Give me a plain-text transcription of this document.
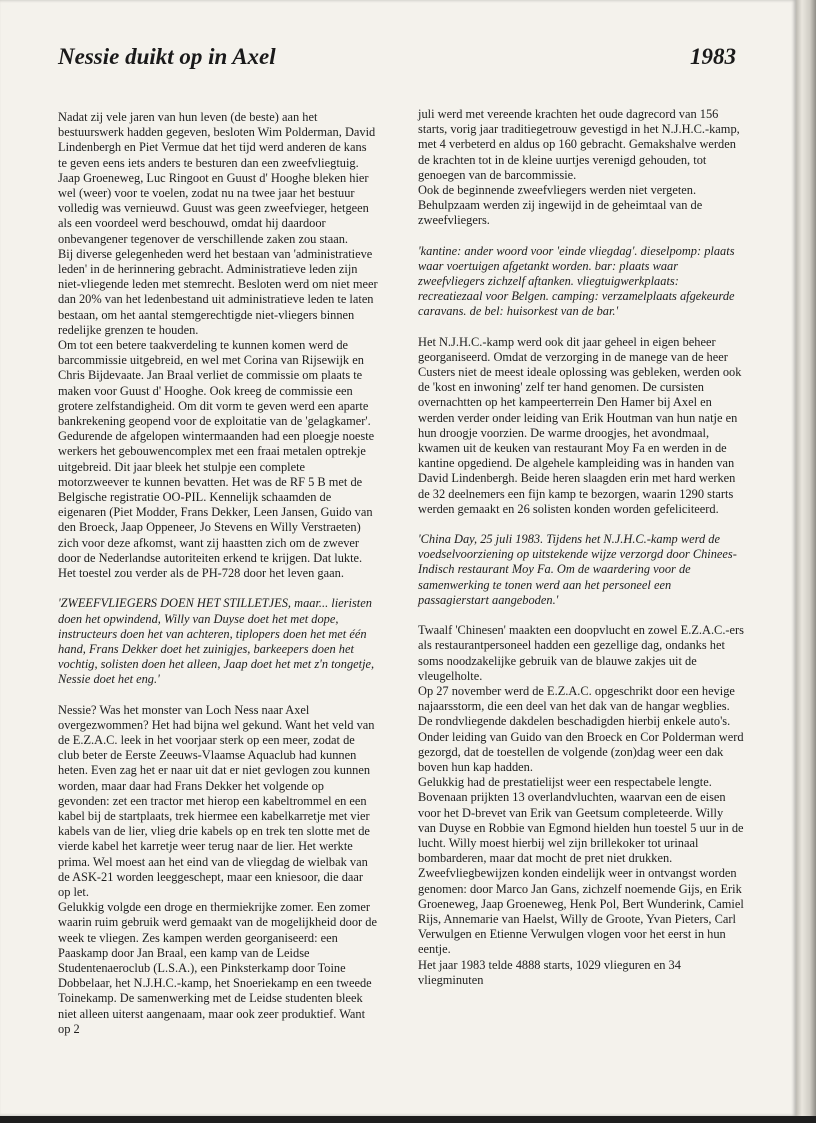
Nessie duikt op in Axel	1983

Nadat zij vele jaren van hun leven (de beste) aan het bestuurswerk hadden gegeven, besloten Wim Polderman, David Lindenbergh en Piet Vermue dat het tijd werd anderen de kans te geven eens iets anders te besturen dan een zweefvliegtuig. Jaap Groeneweg, Luc Ringoot en Guust d' Hooghe bleken hier wel (weer) voor te voelen, zodat nu na twee jaar het bestuur volledig was vernieuwd. Guust was geen zweefvieger, hetgeen als een voordeel werd beschouwd, omdat hij daardoor onbevangener tegenover de verschillende zaken zou staan.

Bij diverse gelegenheden werd het bestaan van 'administratieve leden' in de herinnering gebracht. Administratieve leden zijn niet-vliegende leden met stemrecht. Besloten werd om niet meer dan 20% van het ledenbestand uit administratieve leden te laten bestaan, om het aantal stemgerechtigde niet-vliegers binnen redelijke grenzen te houden.

Om tot een betere taakverdeling te kunnen komen werd de barcommissie uitgebreid, en wel met Corina van Rijsewijk en Chris Bijdevaate. Jan Braal verliet de commissie om plaats te maken voor Guust d' Hooghe. Ook kreeg de commissie een grotere zelfstandigheid. Om dit vorm te geven werd een aparte bankrekening geopend voor de exploitatie van de 'gelagkamer'.

Gedurende de afgelopen wintermaanden had een ploegje noeste werkers het gebouwencomplex met een fraai metalen optrekje uitgebreid. Dit jaar bleek het stulpje een complete motorzweever te kunnen bevatten. Het was de RF 5 B met de Belgische registratie OO-PIL. Kennelijk schaamden de eigenaren (Piet Modder, Frans Dekker, Leen Jansen, Guido van den Broeck, Jaap Oppeneer, Jo Stevens en Willy Verstraeten) zich voor deze afkomst, want zij haastten zich om de zwever door de Nederlandse autoriteiten erkend te krijgen. Dat lukte. Het toestel zou verder als de PH-728 door het leven gaan.

'ZWEEFVLIEGERS DOEN HET STILLETJES, maar... lieristen doen het opwindend, Willy van Duyse doet het met dope, instructeurs doen het van achteren, tiplopers doen het met één hand, Frans Dekker doet het zuinigjes, barkeepers doen het vochtig, solisten doen het alleen, Jaap doet het met z'n tongetje, Nessie doet het eng.'

Nessie? Was het monster van Loch Ness naar Axel overgezwommen? Het had bijna wel gekund. Want het veld van de E.Z.A.C. leek in het voorjaar sterk op een meer, zodat de club beter de Eerste Zeeuws-Vlaamse Aquaclub had kunnen heten. Even zag het er naar uit dat er niet gevlogen zou kunnen worden, maar daar had Frans Dekker het volgende op gevonden: zet een tractor met hierop een kabeltrommel en een kabel bij de startplaats, trek hiermee een kabelkarretje met vier kabels van de lier, vlieg drie kabels op en trek ten slotte met de vierde kabel het karretje weer terug naar de lier. Het werkte prima. Wel moest aan het eind van de vliegdag de wielbak van de ASK-21 worden leeggeschept, maar een kniesoor, die daar op let.

Gelukkig volgde een droge en thermiekrijke zomer. Een zomer waarin ruim gebruik werd gemaakt van de mogelijkheid door de week te vliegen. Zes kampen werden georganiseerd: een Paaskamp door Jan Braal, een kamp van de Leidse Studentenaeroclub (L.S.A.), een Pinksterkamp door Toine Dobbelaar, het N.J.H.C.-kamp, het Snoeriekamp en een tweede Toinekamp. De samenwerking met de Leidse studenten bleek niet alleen uiterst aangenaam, maar ook zeer produktief. Want op 2

juli werd met vereende krachten het oude dagrecord van 156 starts, vorig jaar traditiegetrouw gevestigd in het N.J.H.C.-kamp, met 4 verbeterd en aldus op 160 gebracht. Gemakshalve werden de krachten tot in de kleine uurtjes verenigd gehouden, tot genoegen van de barcommissie.

Ook de beginnende zweefvliegers werden niet vergeten. Behulpzaam werden zij ingewijd in de geheimtaal van de zweefvliegers.

'kantine: ander woord voor 'einde vliegdag'. dieselpomp: plaats waar voertuigen afgetankt worden. bar: plaats waar zweefvliegers zichzelf aftanken. vliegtuigwerkplaats: recreatiezaal voor Belgen. camping: verzamelplaats afgekeurde caravans. de bel: huisorkest van de bar.'

Het N.J.H.C.-kamp werd ook dit jaar geheel in eigen beheer georganiseerd. Omdat de verzorging in de manege van de heer Custers niet de meest ideale oplossing was gebleken, werden ook de 'kost en inwoning' zelf ter hand genomen. De cursisten overnachtten op het kampeerterrein Den Hamer bij Axel en werden verder onder leiding van Erik Houtman van hun natje en hun droogje voorzien. De warme droogjes, het avondmaal, kwamen uit de keuken van restaurant Moy Fa en werden in de kantine opgediend. De algehele kampleiding was in handen van David Lindenbergh. Beide heren slaagden erin met hard werken de 32 deelnemers een fijn kamp te bezorgen, waarin 1290 starts werden gemaakt en 26 solisten konden worden gefeliciteerd.

'China Day, 25 juli 1983. Tijdens het N.J.H.C.-kamp werd de voedselvoorziening op uitstekende wijze verzorgd door Chinees-Indisch restaurant Moy Fa. Om de waardering voor de samenwerking te tonen werd aan het personeel een passagierstart aangeboden.'

Twaalf 'Chinesen' maakten een doopvlucht en zowel E.Z.A.C.-ers als restaurantpersoneel hadden een gezellige dag, ondanks het soms noodzakelijke gebruik van de blauwe zakjes uit de vleugelholte.

Op 27 november werd de E.Z.A.C. opgeschrikt door een hevige najaarsstorm, die een deel van het dak van de hangar wegblies. De rondvliegende dakdelen beschadigden hierbij enkele auto's. Onder leiding van Guido van den Broeck en Cor Polderman werd gezorgd, dat de toestellen de volgende (zon)dag weer een dak boven hun kap hadden.

Gelukkig had de prestatielijst weer een respectabele lengte. Bovenaan prijkten 13 overlandvluchten, waarvan een de eisen voor het D-brevet van Erik van Geetsum completeerde. Willy van Duyse en Robbie van Egmond hielden hun toestel 5 uur in de lucht. Willy moest hierbij wel zijn brillekoker tot urinaal bombarderen, maar dat mocht de pret niet drukken. Zweefvliegbewijzen konden eindelijk weer in ontvangst worden genomen: door Marco Jan Gans, zichzelf noemende Gijs, en Erik Groeneweg, Jaap Groeneweg, Henk Pol, Bert Wunderink, Camiel Rijs, Annemarie van Haelst, Willy de Groote, Yvan Pieters, Carl Verwulgen en Etienne Verwulgen vlogen voor het eerst in hun eentje.

Het jaar 1983 telde 4888 starts, 1029 vlieguren en 34 vliegminuten
